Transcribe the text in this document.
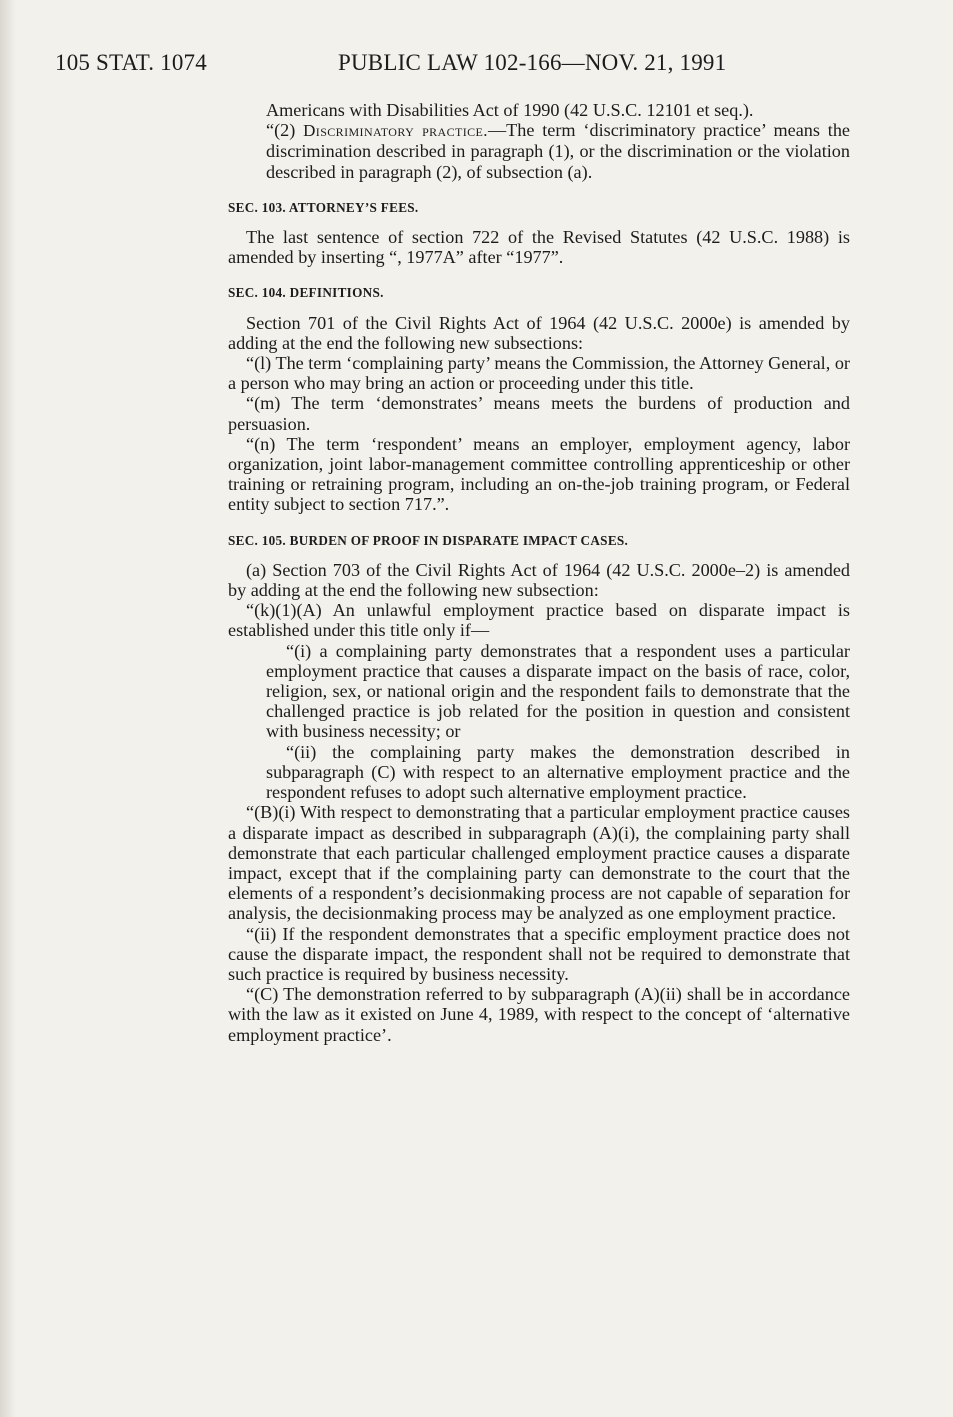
105 STAT. 1074	PUBLIC LAW 102-166—NOV. 21, 1991

Americans with Disabilities Act of 1990 (42 U.S.C. 12101 et seq.).

“(2) Discriminatory practice.—The term ‘discriminatory practice’ means the discrimination described in paragraph (1), or the discrimination or the violation described in paragraph (2), of subsection (a).

SEC. 103. ATTORNEY’S FEES.

The last sentence of section 722 of the Revised Statutes (42 U.S.C. 1988) is amended by inserting “, 1977A” after “1977”.

SEC. 104. DEFINITIONS.

Section 701 of the Civil Rights Act of 1964 (42 U.S.C. 2000e) is amended by adding at the end the following new subsections:

“(l) The term ‘complaining party’ means the Commission, the Attorney General, or a person who may bring an action or proceeding under this title.

“(m) The term ‘demonstrates’ means meets the burdens of production and persuasion.

“(n) The term ‘respondent’ means an employer, employment agency, labor organization, joint labor-management committee controlling apprenticeship or other training or retraining program, including an on-the-job training program, or Federal entity subject to section 717.”.

SEC. 105. BURDEN OF PROOF IN DISPARATE IMPACT CASES.

(a) Section 703 of the Civil Rights Act of 1964 (42 U.S.C. 2000e–2) is amended by adding at the end the following new subsection:

“(k)(1)(A) An unlawful employment practice based on disparate impact is established under this title only if—

“(i) a complaining party demonstrates that a respondent uses a particular employment practice that causes a disparate impact on the basis of race, color, religion, sex, or national origin and the respondent fails to demonstrate that the challenged practice is job related for the position in question and consistent with business necessity; or

“(ii) the complaining party makes the demonstration described in subparagraph (C) with respect to an alternative employment practice and the respondent refuses to adopt such alternative employment practice.

“(B)(i) With respect to demonstrating that a particular employment practice causes a disparate impact as described in subparagraph (A)(i), the complaining party shall demonstrate that each particular challenged employment practice causes a disparate impact, except that if the complaining party can demonstrate to the court that the elements of a respondent’s decisionmaking process are not capable of separation for analysis, the decisionmaking process may be analyzed as one employment practice.

“(ii) If the respondent demonstrates that a specific employment practice does not cause the disparate impact, the respondent shall not be required to demonstrate that such practice is required by business necessity.

“(C) The demonstration referred to by subparagraph (A)(ii) shall be in accordance with the law as it existed on June 4, 1989, with respect to the concept of ‘alternative employment practice’.
